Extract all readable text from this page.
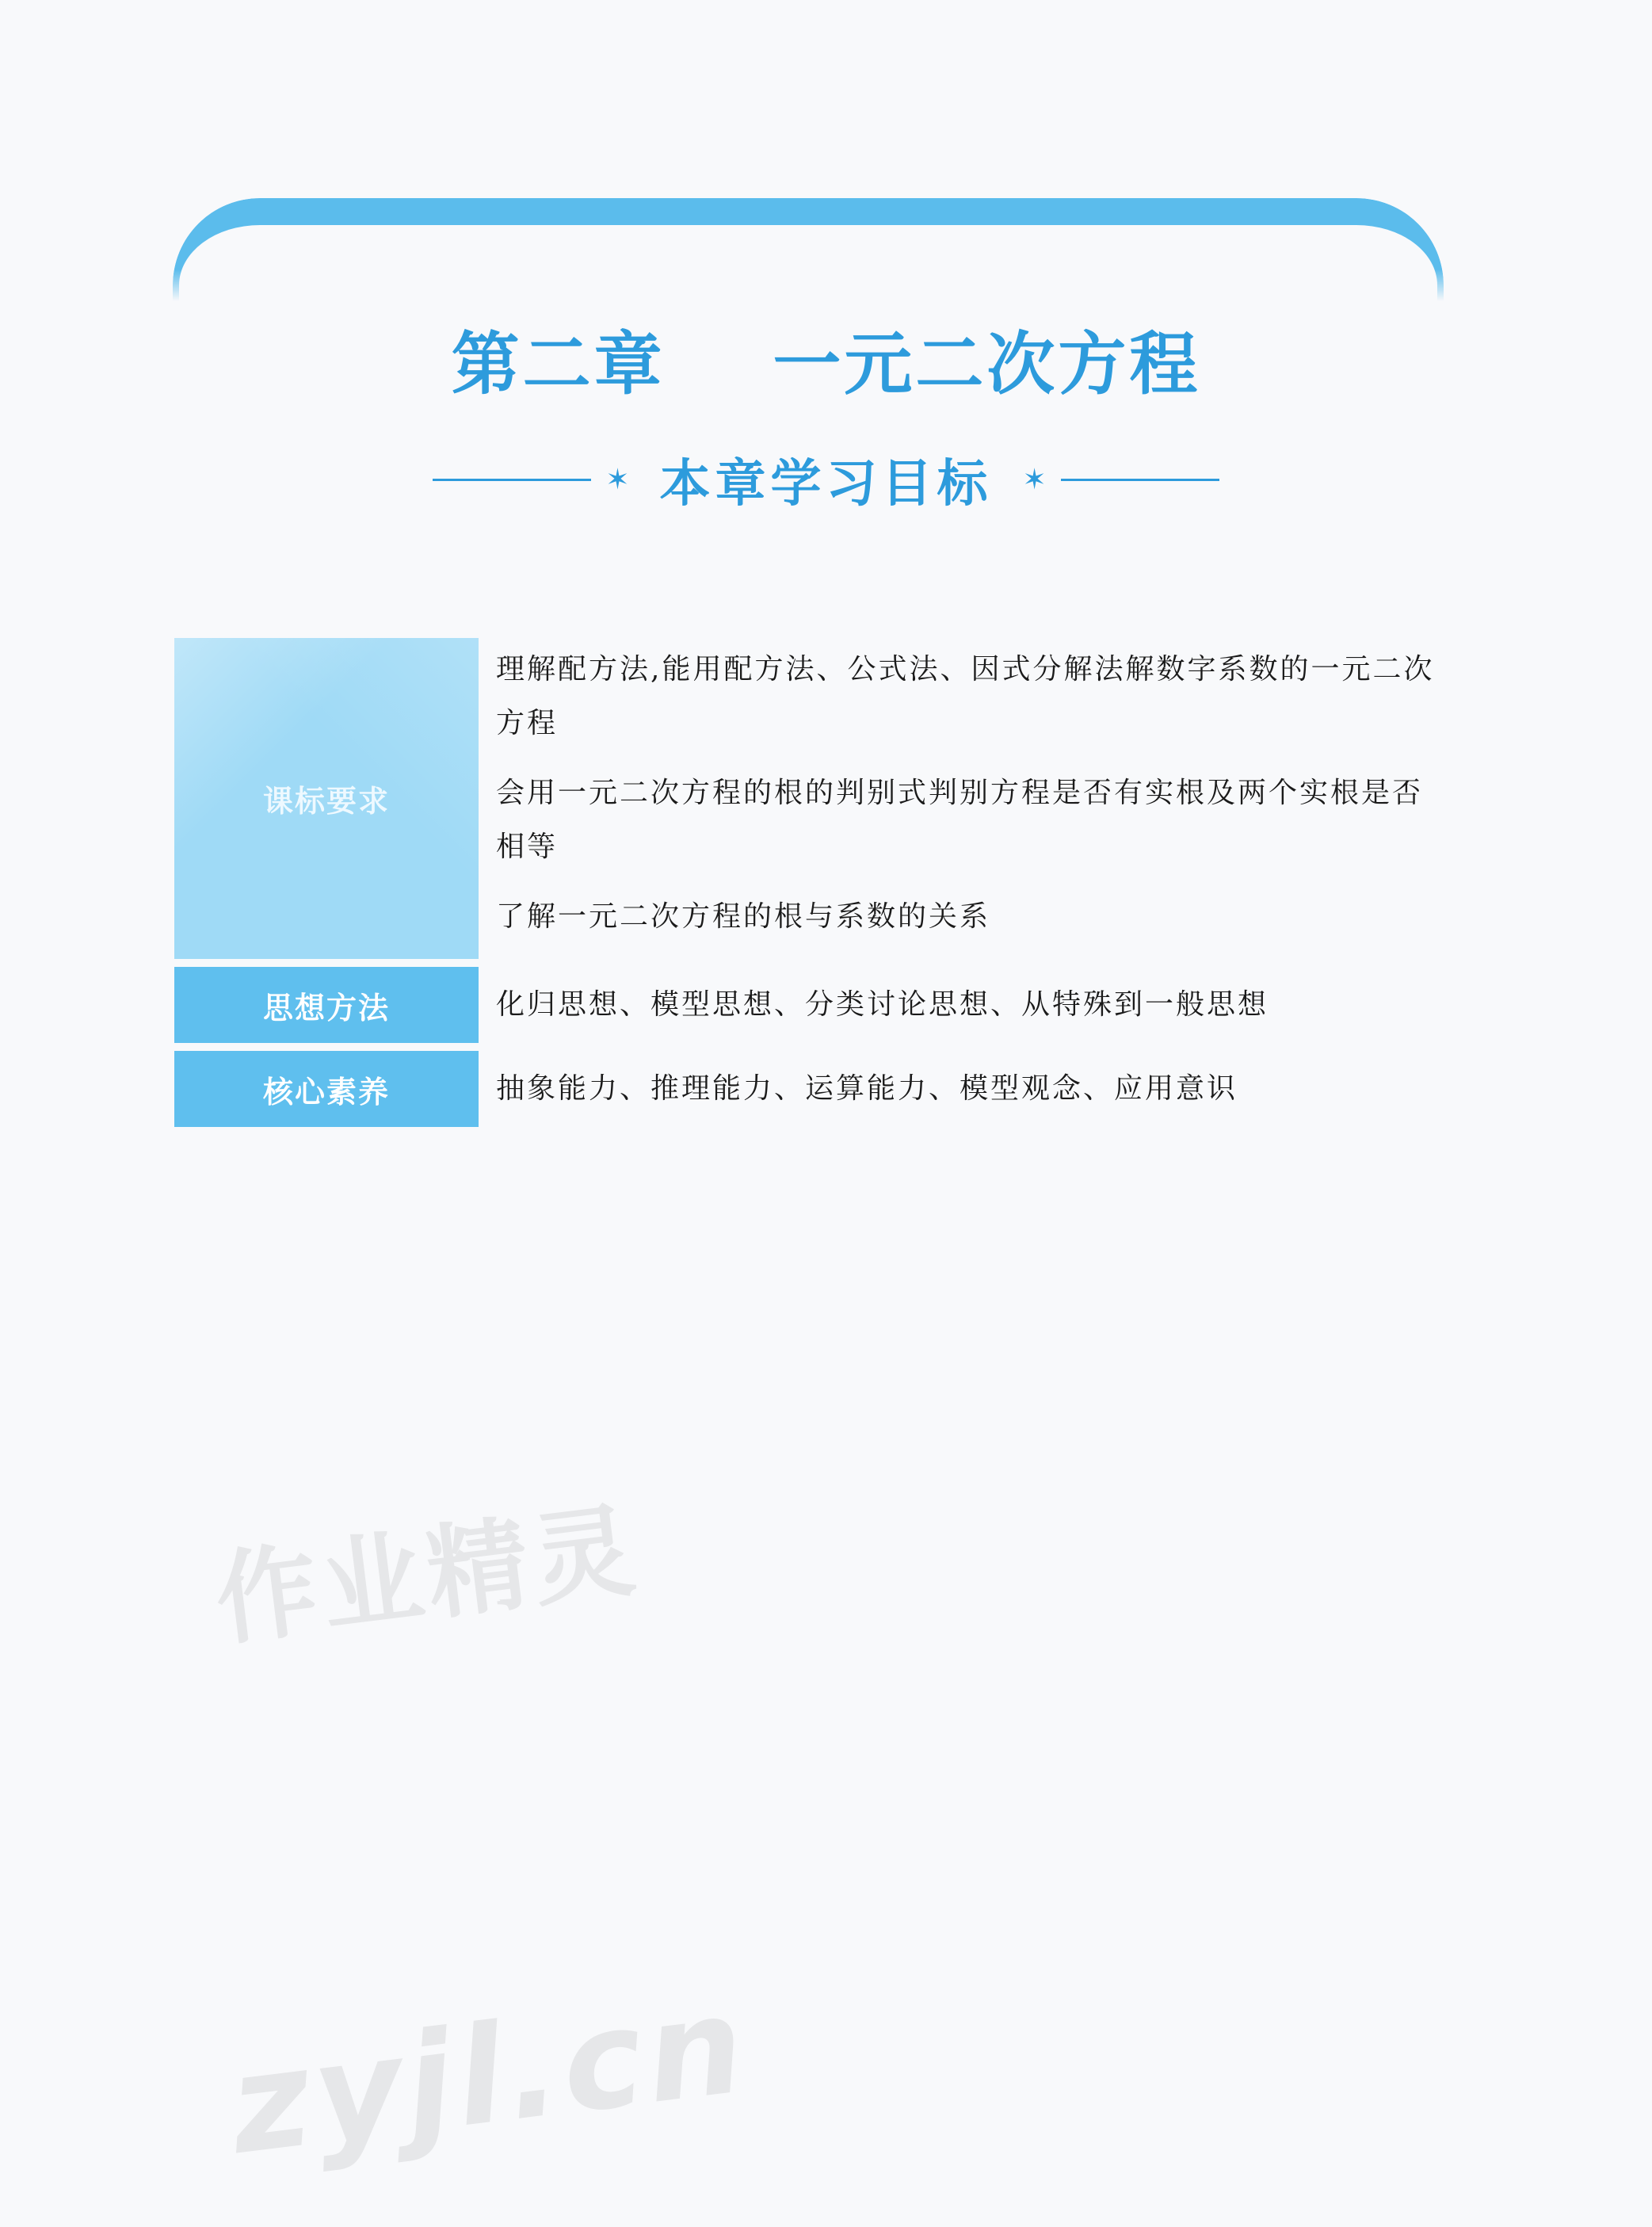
第二章    一元二次方程
✶ 本章学习目标 ✶
课标要求
理解配方法,能用配方法、公式法、因式分解法解数字系数的一元二次方程
会用一元二次方程的根的判别式判别方程是否有实根及两个实根是否相等
了解一元二次方程的根与系数的关系
思想方法	化归思想、模型思想、分类讨论思想、从特殊到一般思想
核心素养	抽象能力、推理能力、运算能力、模型观念、应用意识
作业精灵
zyjl.cn
